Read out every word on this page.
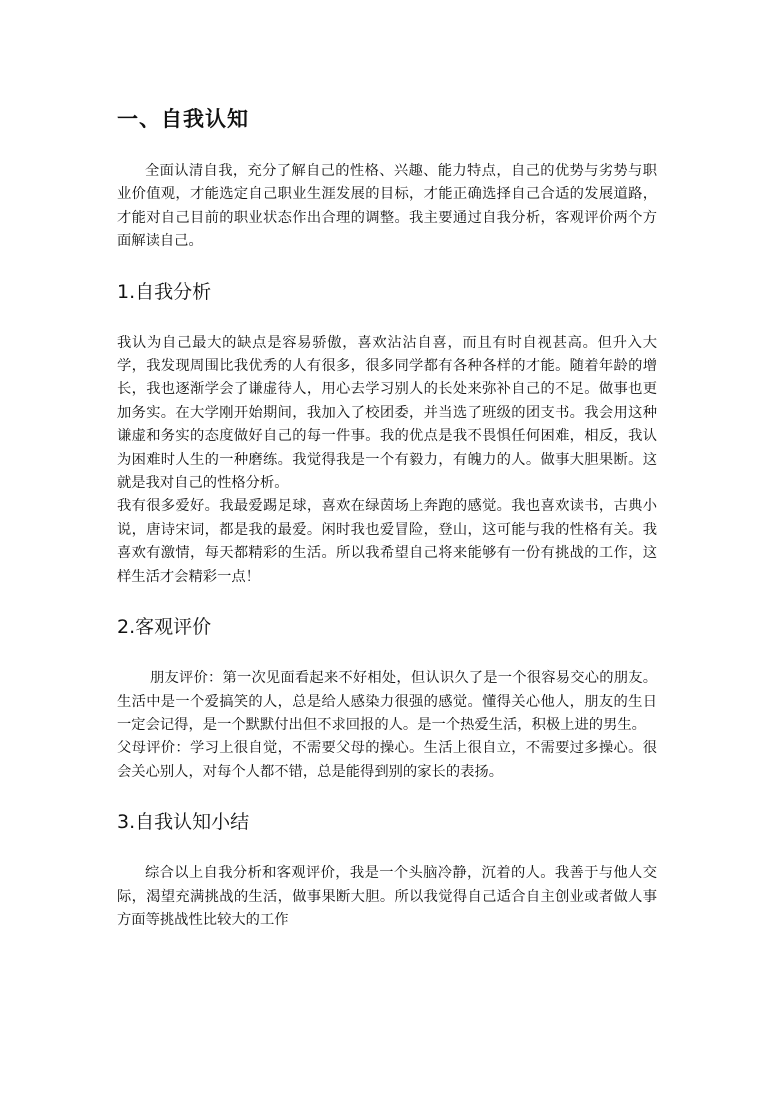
一、自我认知

全面认清自我，充分了解自己的性格、兴趣、能力特点，自己的优势与劣势与职业价值观，才能选定自己职业生涯发展的目标，才能正确选择自己合适的发展道路，才能对自己目前的职业状态作出合理的调整。我主要通过自我分析，客观评价两个方面解读自己。

1.自我分析

我认为自己最大的缺点是容易骄傲，喜欢沾沾自喜，而且有时自视甚高。但升入大学，我发现周围比我优秀的人有很多，很多同学都有各种各样的才能。随着年龄的增长，我也逐渐学会了谦虚待人，用心去学习别人的长处来弥补自己的不足。做事也更加务实。在大学刚开始期间，我加入了校团委，并当选了班级的团支书。我会用这种谦虚和务实的态度做好自己的每一件事。我的优点是我不畏惧任何困难，相反，我认为困难时人生的一种磨练。我觉得我是一个有毅力，有魄力的人。做事大胆果断。这就是我对自己的性格分析。

我有很多爱好。我最爱踢足球，喜欢在绿茵场上奔跑的感觉。我也喜欢读书，古典小说，唐诗宋词，都是我的最爱。闲时我也爱冒险，登山，这可能与我的性格有关。我喜欢有激情，每天都精彩的生活。所以我希望自己将来能够有一份有挑战的工作，这样生活才会精彩一点！

2.客观评价

朋友评价：第一次见面看起来不好相处，但认识久了是一个很容易交心的朋友。生活中是一个爱搞笑的人，总是给人感染力很强的感觉。懂得关心他人，朋友的生日一定会记得，是一个默默付出但不求回报的人。是一个热爱生活，积极上进的男生。

父母评价：学习上很自觉，不需要父母的操心。生活上很自立，不需要过多操心。很会关心别人，对每个人都不错，总是能得到别的家长的表扬。

3.自我认知小结

综合以上自我分析和客观评价，我是一个头脑冷静，沉着的人。我善于与他人交际，渴望充满挑战的生活，做事果断大胆。所以我觉得自己适合自主创业或者做人事方面等挑战性比较大的工作
